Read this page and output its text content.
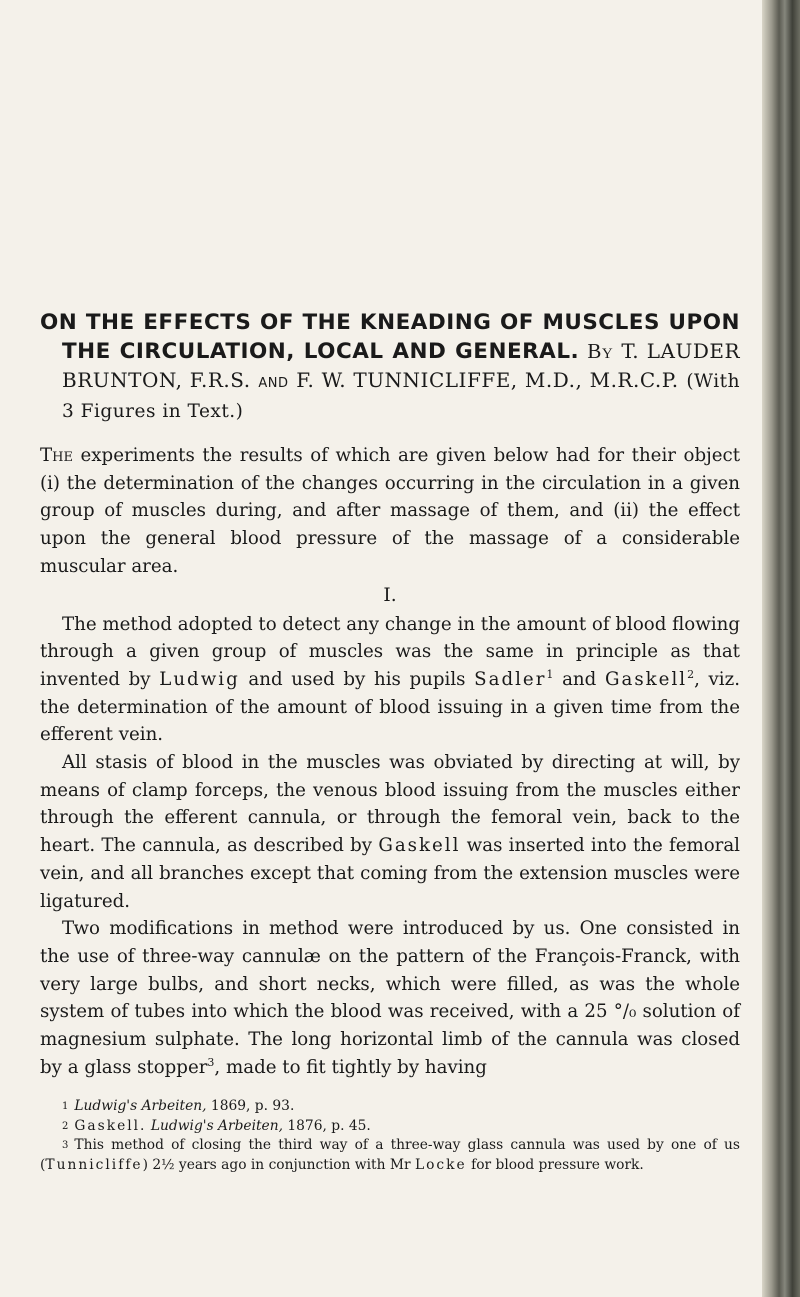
ON THE EFFECTS OF THE KNEADING OF MUSCLES UPON THE CIRCULATION, LOCAL AND GENERAL. By T. LAUDER BRUNTON, F.R.S. and F. W. TUNNICLIFFE, M.D., M.R.C.P. (With 3 Figures in Text.)

The experiments the results of which are given below had for their object (i) the determination of the changes occurring in the circulation in a given group of muscles during, and after massage of them, and (ii) the effect upon the general blood pressure of the massage of a considerable muscular area.

I.

The method adopted to detect any change in the amount of blood flowing through a given group of muscles was the same in principle as that invented by Ludwig and used by his pupils Sadler$^1$ and Gaskell$^2$, viz. the determination of the amount of blood issuing in a given time from the efferent vein.

All stasis of blood in the muscles was obviated by directing at will, by means of clamp forceps, the venous blood issuing from the muscles either through the efferent cannula, or through the femoral vein, back to the heart. The cannula, as described by Gaskell was inserted into the femoral vein, and all branches except that coming from the extension muscles were ligatured.

Two modifications in method were introduced by us. One consisted in the use of three-way cannulæ on the pattern of the François-Franck, with very large bulbs, and short necks, which were filled, as was the whole system of tubes into which the blood was received, with a 25 °/₀ solution of magnesium sulphate. The long horizontal limb of the cannula was closed by a glass stopper$^3$, made to fit tightly by having

$^1$ Ludwig's Arbeiten, 1869, p. 93.

$^2$ Gaskell. Ludwig's Arbeiten, 1876, p. 45.

$^3$ This method of closing the third way of a three-way glass cannula was used by one of us (Tunnicliffe) 2½ years ago in conjunction with Mr Locke for blood pressure work.
